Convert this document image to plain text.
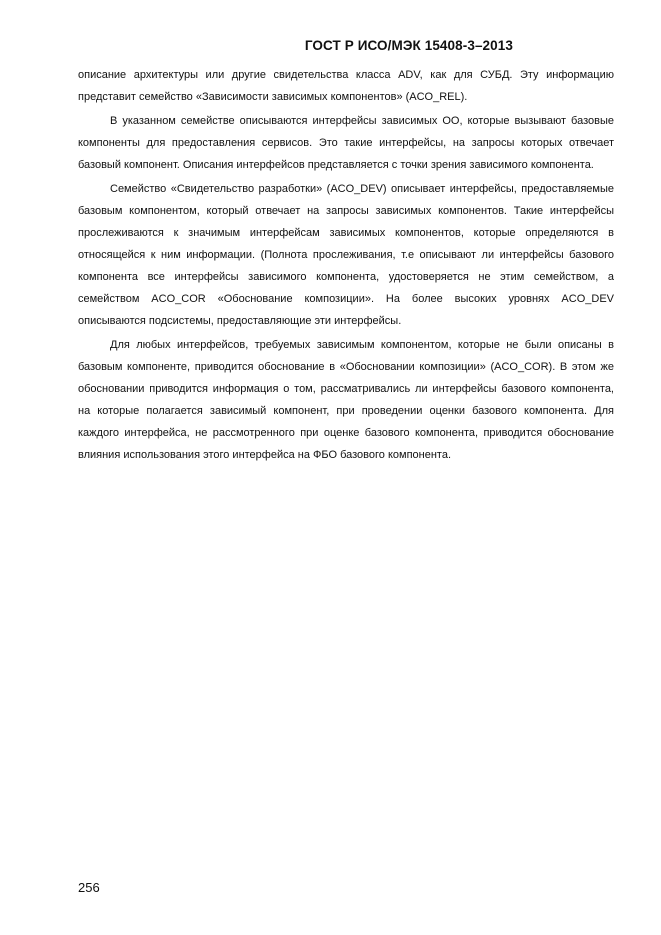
ГОСТ Р ИСО/МЭК 15408-3–2013
описание архитектуры или другие свидетельства класса ADV, как для СУБД. Эту информацию
представит семейство «Зависимости зависимых компонентов» (ACO_REL).
В указанном семействе описываются интерфейсы зависимых ОО, которые вызывают базовые
компоненты для предоставления сервисов. Это такие интерфейсы, на запросы которых отвечает
базовый компонент. Описания интерфейсов представляется с точки зрения зависимого компонента.
Семейство «Свидетельство разработки» (ACO_DEV) описывает интерфейсы, предоставляемые
базовым компонентом, который отвечает на запросы зависимых компонентов. Такие интерфейсы
прослеживаются к значимым интерфейсам зависимых компонентов, которые определяются в
относящейся к ним информации. (Полнота прослеживания, т.е описывают ли интерфейсы базового
компонента все интерфейсы зависимого компонента, удостоверяется не этим семейством, а
семейством ACO_COR «Обоснование композиции». На более высоких уровнях ACO_DEV
описываются подсистемы, предоставляющие эти интерфейсы.
Для любых интерфейсов, требуемых зависимым компонентом, которые не были описаны в
базовым компоненте, приводится обоснование в «Обосновании композиции» (ACO_COR). В этом же
обосновании приводится информация о том, рассматривались ли интерфейсы базового компонента,
на которые полагается зависимый компонент, при проведении оценки базового компонента. Для
каждого интерфейса, не рассмотренного при оценке базового компонента, приводится обоснование
влияния использования этого интерфейса на ФБО базового компонента.
256
